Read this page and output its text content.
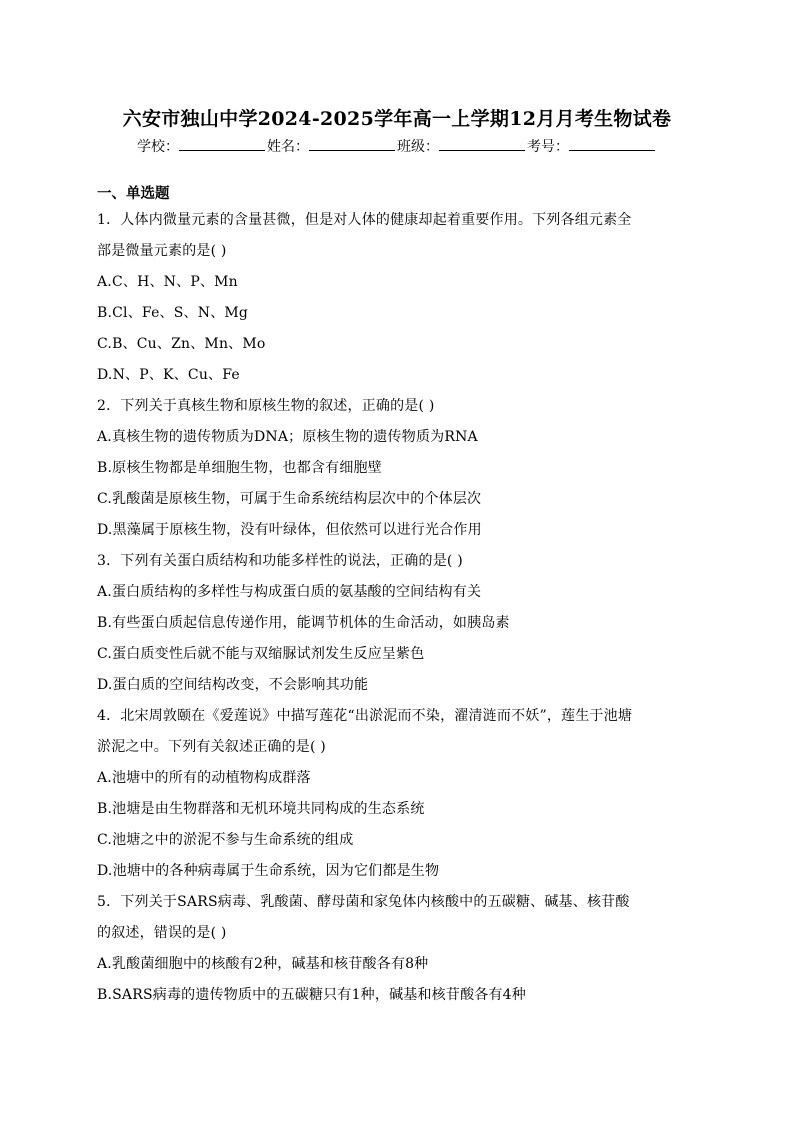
六安市独山中学2024-2025学年高一上学期12月月考生物试卷
学校：	姓名：	班级：	考号：
一、单选题
1．人体内微量元素的含量甚微，但是对人体的健康却起着重要作用。下列各组元素全
部是微量元素的是( )
A.C、H、N、P、Mn
B.Cl、Fe、S、N、Mg
C.B、Cu、Zn、Mn、Mo
D.N、P、K、Cu、Fe
2．下列关于真核生物和原核生物的叙述，正确的是( )
A.真核生物的遗传物质为DNA；原核生物的遗传物质为RNA
B.原核生物都是单细胞生物，也都含有细胞壁
C.乳酸菌是原核生物，可属于生命系统结构层次中的个体层次
D.黑藻属于原核生物，没有叶绿体，但依然可以进行光合作用
3．下列有关蛋白质结构和功能多样性的说法，正确的是( )
A.蛋白质结构的多样性与构成蛋白质的氨基酸的空间结构有关
B.有些蛋白质起信息传递作用，能调节机体的生命活动，如胰岛素
C.蛋白质变性后就不能与双缩脲试剂发生反应呈紫色
D.蛋白质的空间结构改变，不会影响其功能
4．北宋周敦颐在《爱莲说》中描写莲花“出淤泥而不染，濯清涟而不妖”，莲生于池塘
淤泥之中。下列有关叙述正确的是( )
A.池塘中的所有的动植物构成群落
B.池塘是由生物群落和无机环境共同构成的生态系统
C.池塘之中的淤泥不参与生命系统的组成
D.池塘中的各种病毒属于生命系统，因为它们都是生物
5．下列关于SARS病毒、乳酸菌、酵母菌和家兔体内核酸中的五碳糖、碱基、核苷酸
的叙述，错误的是( )
A.乳酸菌细胞中的核酸有2种，碱基和核苷酸各有8种
B.SARS病毒的遗传物质中的五碳糖只有1种，碱基和核苷酸各有4种
